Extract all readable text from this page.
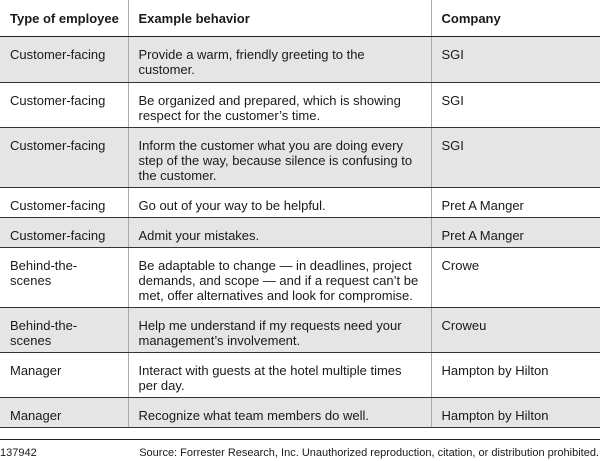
Type of employee	Example behavior	Company
Customer-facing	Provide a warm, friendly greeting to the customer.	SGI
Customer-facing	Be organized and prepared, which is showing respect for the customer’s time.	SGI
Customer-facing	Inform the customer what you are doing every step of the way, because silence is confusing to the customer.	SGI
Customer-facing	Go out of your way to be helpful.	Pret A Manger
Customer-facing	Admit your mistakes.	Pret A Manger
Behind-the-scenes	Be adaptable to change — in deadlines, project demands, and scope — and if a request can’t be met, offer alternatives and look for compromise.	Crowe
Behind-the-scenes	Help me understand if my requests need your management’s involvement.	Croweu
Manager	Interact with guests at the hotel multiple times per day.	Hampton by Hilton
Manager	Recognize what team members do well.	Hampton by Hilton
137942	Source: Forrester Research, Inc. Unauthorized reproduction, citation, or distribution prohibited.
